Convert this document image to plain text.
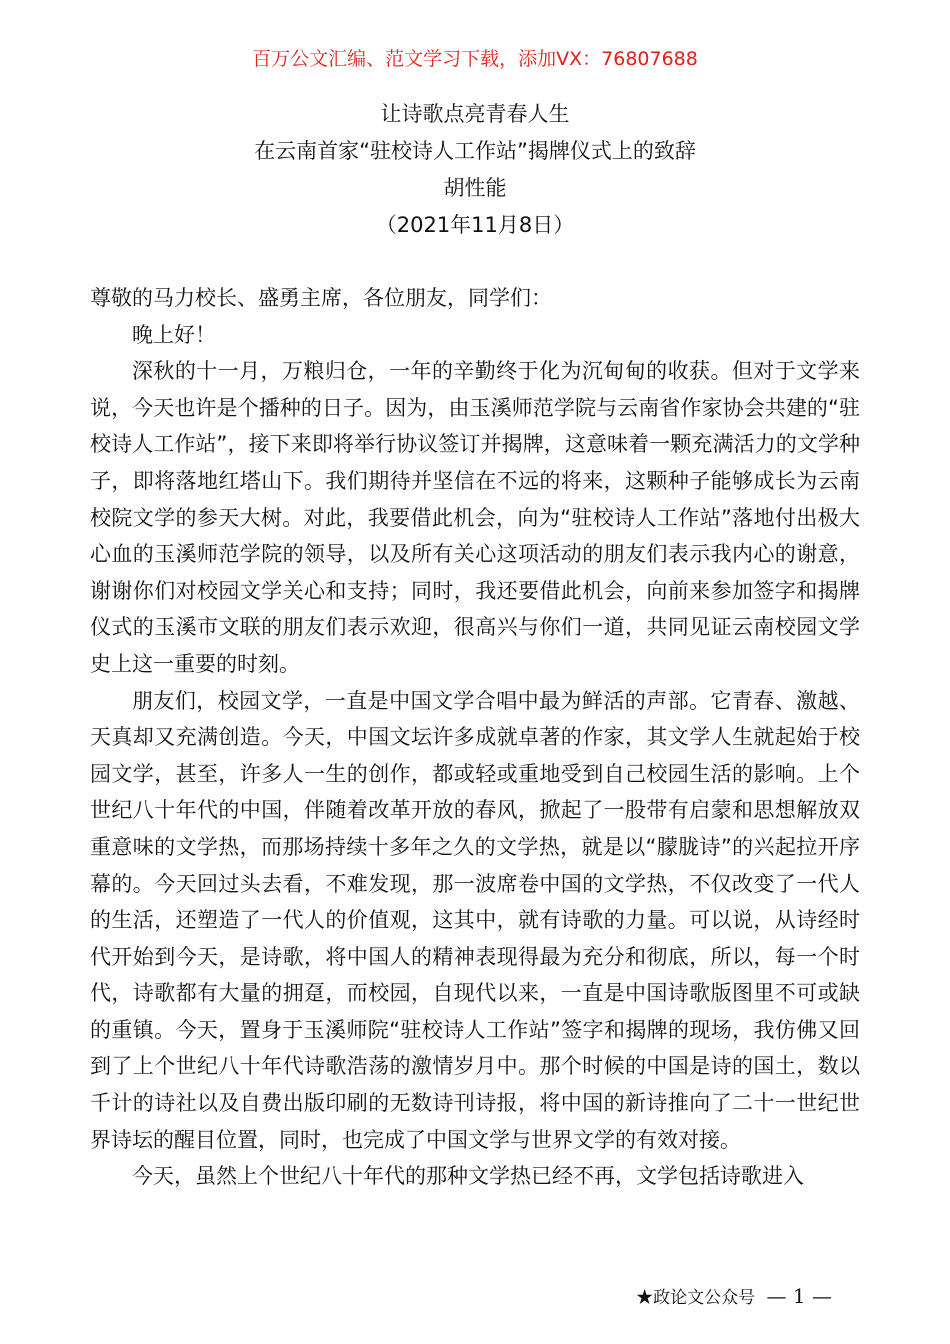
百万公文汇编、范文学习下载，添加VX：76807688

让诗歌点亮青春人生

在云南首家“驻校诗人工作站”揭牌仪式上的致辞

胡性能

（2021年11月8日）

尊敬的马力校长、盛勇主席，各位朋友，同学们：

晚上好！

深秋的十一月，万粮归仓，一年的辛勤终于化为沉甸甸的收获。但对于文学来说，今天也许是个播种的日子。因为，由玉溪师范学院与云南省作家协会共建的“驻校诗人工作站”，接下来即将举行协议签订并揭牌，这意味着一颗充满活力的文学种子，即将落地红塔山下。我们期待并坚信在不远的将来，这颗种子能够成长为云南校院文学的参天大树。对此，我要借此机会，向为“驻校诗人工作站”落地付出极大心血的玉溪师范学院的领导，以及所有关心这项活动的朋友们表示我内心的谢意，谢谢你们对校园文学关心和支持；同时，我还要借此机会，向前来参加签字和揭牌仪式的玉溪市文联的朋友们表示欢迎，很高兴与你们一道，共同见证云南校园文学史上这一重要的时刻。

朋友们，校园文学，一直是中国文学合唱中最为鲜活的声部。它青春、激越、天真却又充满创造。今天，中国文坛许多成就卓著的作家，其文学人生就起始于校园文学，甚至，许多人一生的创作，都或轻或重地受到自己校园生活的影响。上个世纪八十年代的中国，伴随着改革开放的春风，掀起了一股带有启蒙和思想解放双重意味的文学热，而那场持续十多年之久的文学热，就是以“朦胧诗”的兴起拉开序幕的。今天回过头去看，不难发现，那一波席卷中国的文学热，不仅改变了一代人的生活，还塑造了一代人的价值观，这其中，就有诗歌的力量。可以说，从诗经时代开始到今天，是诗歌，将中国人的精神表现得最为充分和彻底，所以，每一个时代，诗歌都有大量的拥趸，而校园，自现代以来，一直是中国诗歌版图里不可或缺的重镇。今天，置身于玉溪师院“驻校诗人工作站”签字和揭牌的现场，我仿佛又回到了上个世纪八十年代诗歌浩荡的激情岁月中。那个时候的中国是诗的国土，数以千计的诗社以及自费出版印刷的无数诗刊诗报，将中国的新诗推向了二十一世纪世界诗坛的醒目位置，同时，也完成了中国文学与世界文学的有效对接。

今天，虽然上个世纪八十年代的那种文学热已经不再，文学包括诗歌进入

★政论文公众号 — 1 —
